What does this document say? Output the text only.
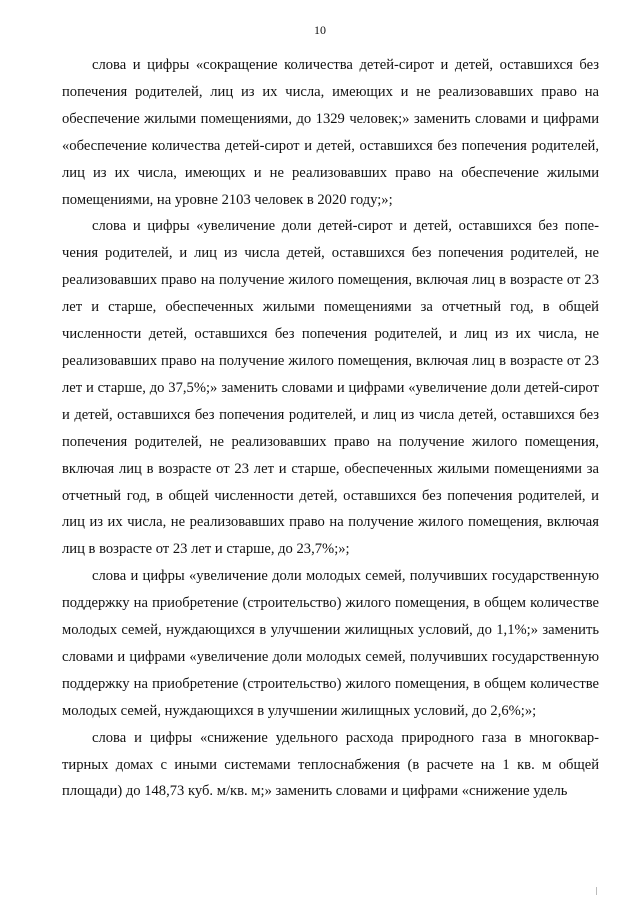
10

слова и цифры «сокращение количества детей-сирот и детей, оставшихся без попечения родителей, лиц из их числа, имеющих и не реализовавших право на обеспечение жилыми помещениями, до 1329 человек;» заменить словами и цифрами «обеспечение количества детей-сирот и детей, оставшихся без попечения родителей, лиц из их числа, имеющих и не реализовавших право на обеспечение жилыми помещениями, на уровне 2103 человек в 2020 году;»;

слова и цифры «увеличение доли детей-сирот и детей, оставшихся без попечения родителей, и лиц из числа детей, оставшихся без попечения родителей, не реализовавших право на получение жилого помещения, включая лиц в возрасте от 23 лет и старше, обеспеченных жилыми помещениями за отчетный год, в общей численности детей, оставшихся без попечения родителей, и лиц из их числа, не реализовавших право на получение жилого помещения, включая лиц в возрасте от 23 лет и старше, до 37,5%;» заменить словами и цифрами «увеличение доли детей-сирот и детей, оставшихся без попечения родителей, и лиц из числа детей, оставшихся без попечения родителей, не реализовавших право на получение жилого помещения, включая лиц в возрасте от 23 лет и старше, обеспеченных жилыми помещениями за отчетный год, в общей численности детей, оставшихся без попечения родителей, и лиц из их числа, не реализовавших право на получение жилого помещения, включая лиц в возрасте от 23 лет и старше, до 23,7%;»;

слова и цифры «увеличение доли молодых семей, получивших государственную поддержку на приобретение (строительство) жилого помещения, в общем количестве молодых семей, нуждающихся в улучшении жилищных условий, до 1,1%;» заменить словами и цифрами «увеличение доли молодых семей, получивших государственную поддержку на приобретение (строительство) жилого помещения, в общем количестве молодых семей, нуждающихся в улучшении жилищных условий, до 2,6%;»;

слова и цифры «снижение удельного расхода природного газа в многоквартирных домах с иными системами теплоснабжения (в расчете на 1 кв. м общей площади) до 148,73 куб. м/кв. м;» заменить словами и цифрами «снижение удель
